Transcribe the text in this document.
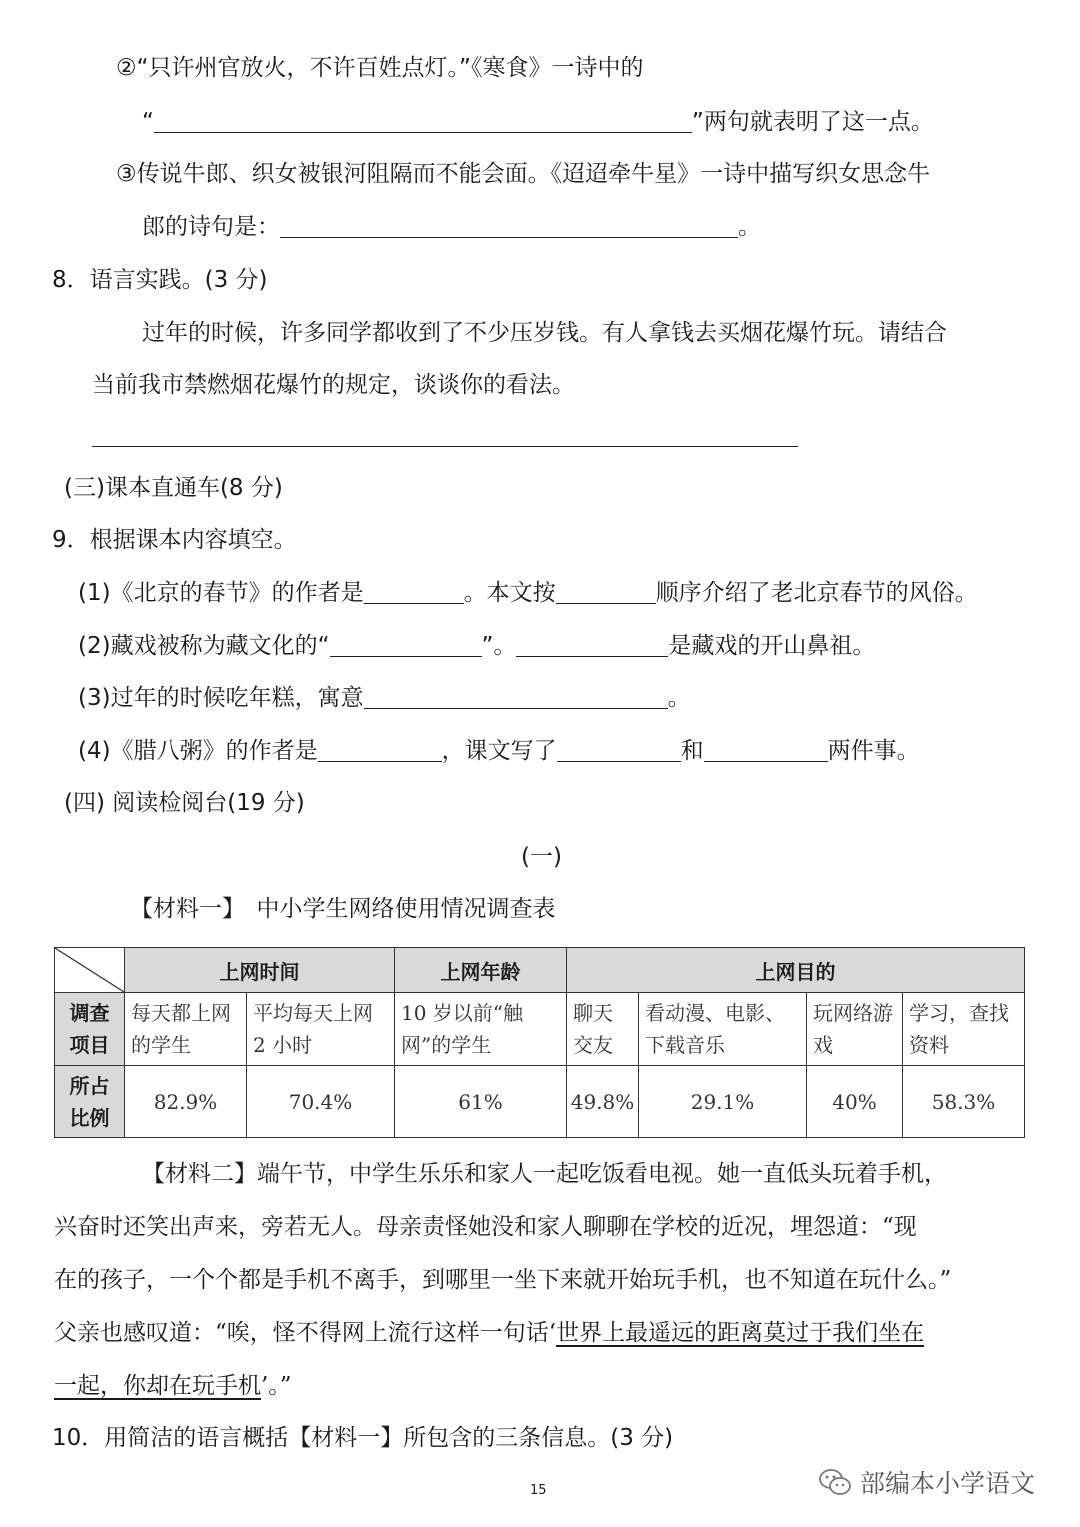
②“只许州官放火，不许百姓点灯。”《寒食》一诗中的
“	”两句就表明了这一点。
③传说牛郎、织女被银河阻隔而不能会面。《迢迢牵牛星》一诗中描写织女思念牛
郎的诗句是：	。
8．语言实践。(3 分)
过年的时候，许多同学都收到了不少压岁钱。有人拿钱去买烟花爆竹玩。请结合
当前我市禁燃烟花爆竹的规定，谈谈你的看法。
(三)课本直通车(8 分)
9．根据课本内容填空。
(1)《北京的春节》的作者是	。本文按	顺序介绍了老北京春节的风俗。
(2)藏戏被称为藏文化的“	”。	是藏戏的开山鼻祖。
(3)过年的时候吃年糕，寓意	。
(4)《腊八粥》的作者是	，课文写了	和	两件事。
(四) 阅读检阅台(19 分)
(一)
【材料一】　中小学生网络使用情况调查表
	上网时间		上网年龄	上网目的			
调查项目	每天都上网的学生	平均每天上网 2 小时	10 岁以前“触网”的学生	聊天交友	看动漫、电影、下载音乐	玩网络游戏	学习，查找资料
所占比例	82.9%	70.4%	61%	49.8%	29.1%	40%	58.3%
【材料二】端午节，中学生乐乐和家人一起吃饭看电视。她一直低头玩着手机，
兴奋时还笑出声来，旁若无人。母亲责怪她没和家人聊聊在学校的近况，埋怨道：“现
在的孩子，一个个都是手机不离手，到哪里一坐下来就开始玩手机，也不知道在玩什么。”
父亲也感叹道：“唉，怪不得网上流行这样一句话‘世界上最遥远的距离莫过于我们坐在
一起，你却在玩手机’。”
10．用简洁的语言概括【材料一】所包含的三条信息。(3 分)
15	部编本小学语文
